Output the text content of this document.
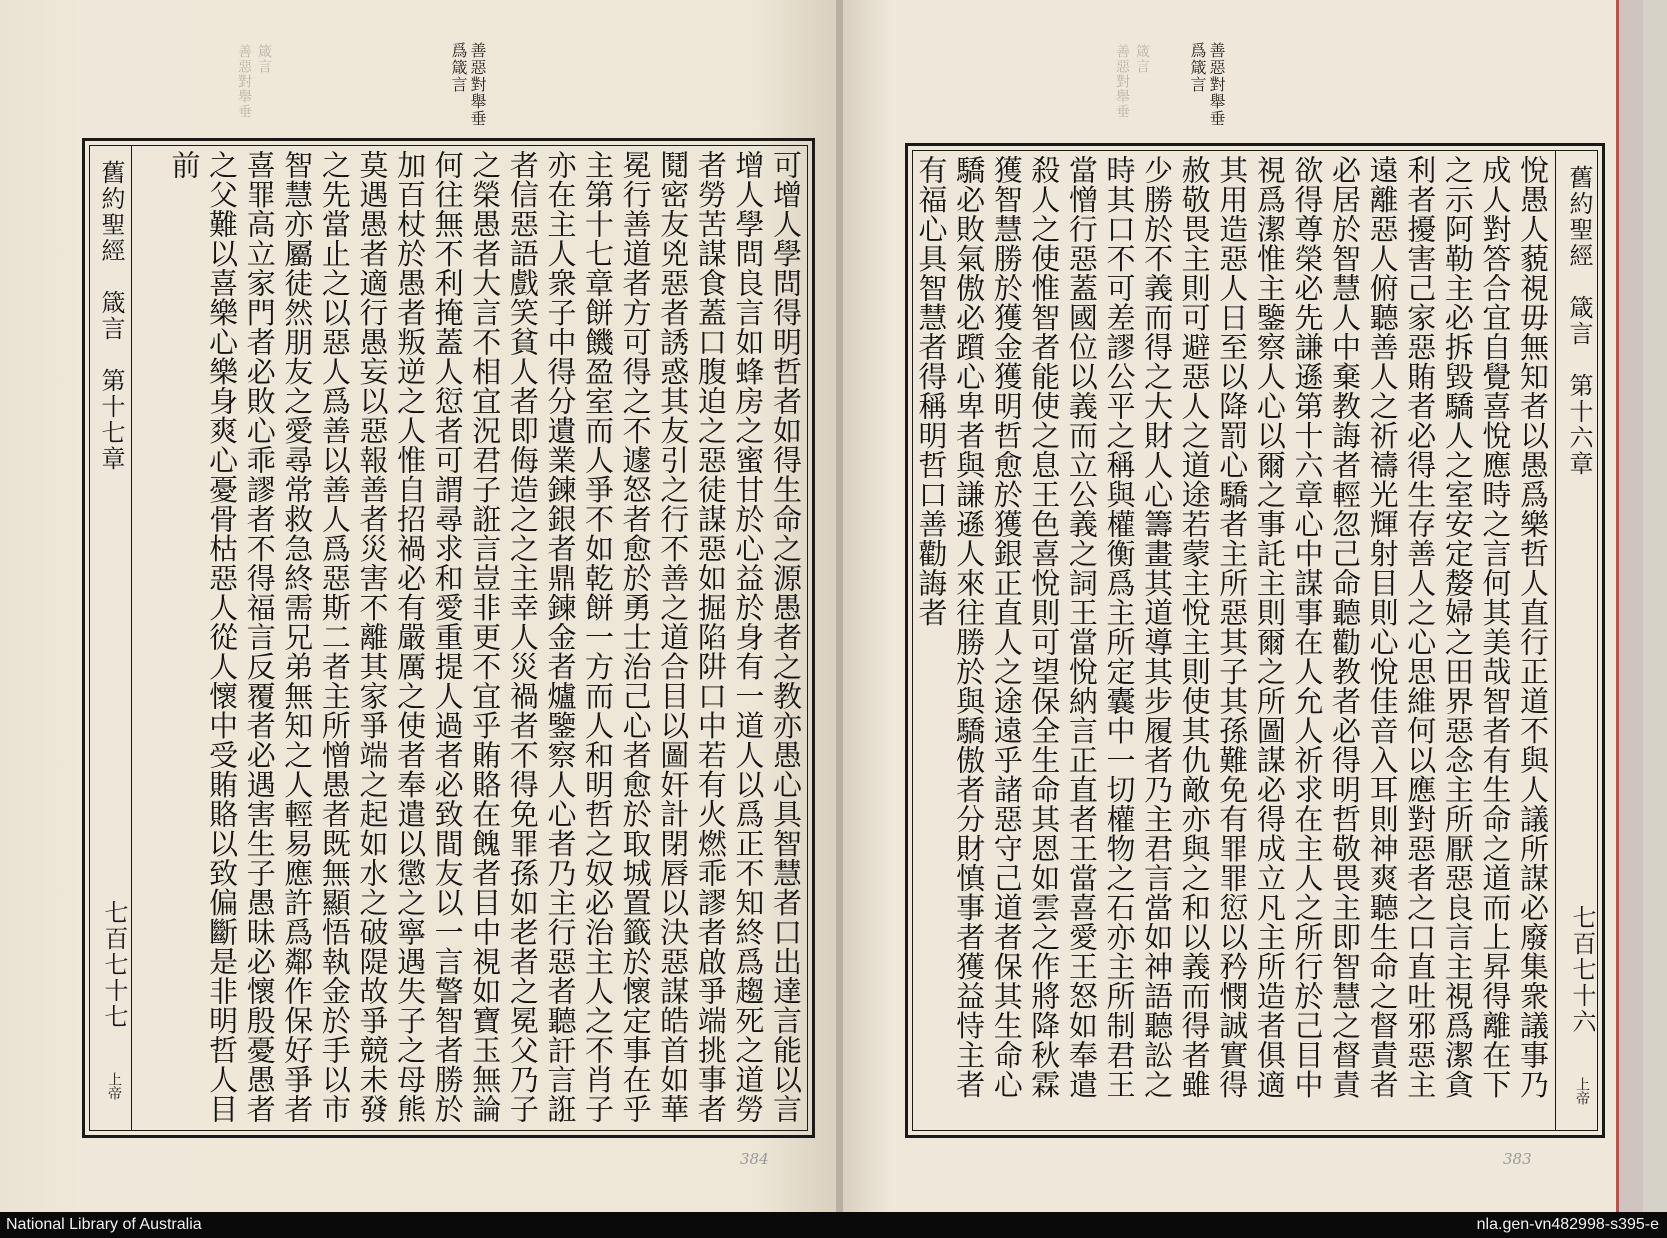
善惡對舉垂
爲箴言
箴言
善惡對舉垂
可增人學問得明哲者如得生命之源愚者之教亦愚心具智慧者口出達言能以言增人學問良言如蜂房之蜜甘於心益於身有一道人以爲正不知終爲趨死之道勞者勞苦謀食蓋口腹迫之惡徒謀惡如掘陷阱口中若有火燃乖謬者啟爭端挑事者鬩密友兇惡者誘惑其友引之行不善之道合目以圖奸計閉唇以決惡謀皓首如華冕行善道者方可得之不遽怒者愈於勇士治己心者愈於取城置籤於懷定事在乎主第十七章餅饑盈室而人爭不如乾餅一方而人和明哲之奴必治主人之不肖子亦在主人衆子中得分遺業鍊銀者鼎鍊金者爐鑒察人心者乃主行惡者聽訐言誑者信惡語戲笑貧人者即侮造之之主幸人災禍者不得免罪孫如老者之冕父乃子之榮愚者大言不相宜況君子誑言豈非更不宜乎賄賂在餽者目中視如寶玉無論何往無不利掩蓋人愆者可謂尋求和愛重提人過者必致間友以一言警智者勝於加百杖於愚者叛逆之人惟自招禍必有嚴厲之使者奉遣以懲之寧遇失子之母熊莫遇愚者適行愚妄以惡報善者災害不離其家爭端之起如水之破隄故爭競未發之先當止之以惡人爲善以善人爲惡斯二者主所憎愚者既無顯悟執金於手以市智慧亦屬徒然朋友之愛尋常救急終需兄弟無知之人輕易應許爲鄰作保好爭者喜罪高立家門者必敗心乖謬者不得福言反覆者必遇害生子愚昧必懷殷憂愚者之父難以喜樂心樂身爽心憂骨枯惡人從人懷中受賄賂以致偏斷是非明哲人目前
舊約聖經　箴言　第十七章
七百七十七
上帝
384
善惡對舉垂
爲箴言
箴言
善惡對舉垂
悅愚人藐視毋無知者以愚爲樂哲人直行正道不與人議所謀必廢集衆議事乃成人對答合宜自覺喜悅應時之言何其美哉智者有生命之道而上昇得離在下之示阿勒主必拆毀驕人之室安定嫠婦之田界惡念主所厭惡良言主視爲潔貪利者擾害己家惡賄者必得生存善人之心思維何以應對惡者之口直吐邪惡主遠離惡人俯聽善人之祈禱光輝射目則心悅佳音入耳則神爽聽生命之督責者必居於智慧人中棄教誨者輕忽己命聽勸教者必得明哲敬畏主即智慧之督責欲得尊榮必先謙遜第十六章心中謀事在人允人祈求在主人之所行於己目中視爲潔惟主鑒察人心以爾之事託主則爾之所圖謀必得成立凡主所造者俱適其用造惡人日至以降罰心驕者主所惡其子其孫難免有罪罪愆以矜憫誠實得赦敬畏主則可避惡人之道途若蒙主悅主則使其仇敵亦與之和以義而得者雖少勝於不義而得之大財人心籌畫其道導其步履者乃主君言當如神語聽訟之時其口不可差謬公平之稱與權衡爲主所定囊中一切權物之石亦主所制君王當憎行惡蓋國位以義而立公義之詞王當悅納言正直者王當喜愛王怒如奉遣殺人之使惟智者能使之息王色喜悅則可望保全生命其恩如雲之作將降秋霖獲智慧勝於獲金獲明哲愈於獲銀正直人之途遠乎諸惡守己道者保其生命心驕必敗氣傲必躓心卑者與謙遜人來往勝於與驕傲者分財慎事者獲益恃主者有福心具智慧者得稱明哲口善勸誨者	舊約聖經　箴言　第十六章
七百七十六
上帝
383
National Library of Australia	nla.gen-vn482998-s395-e
